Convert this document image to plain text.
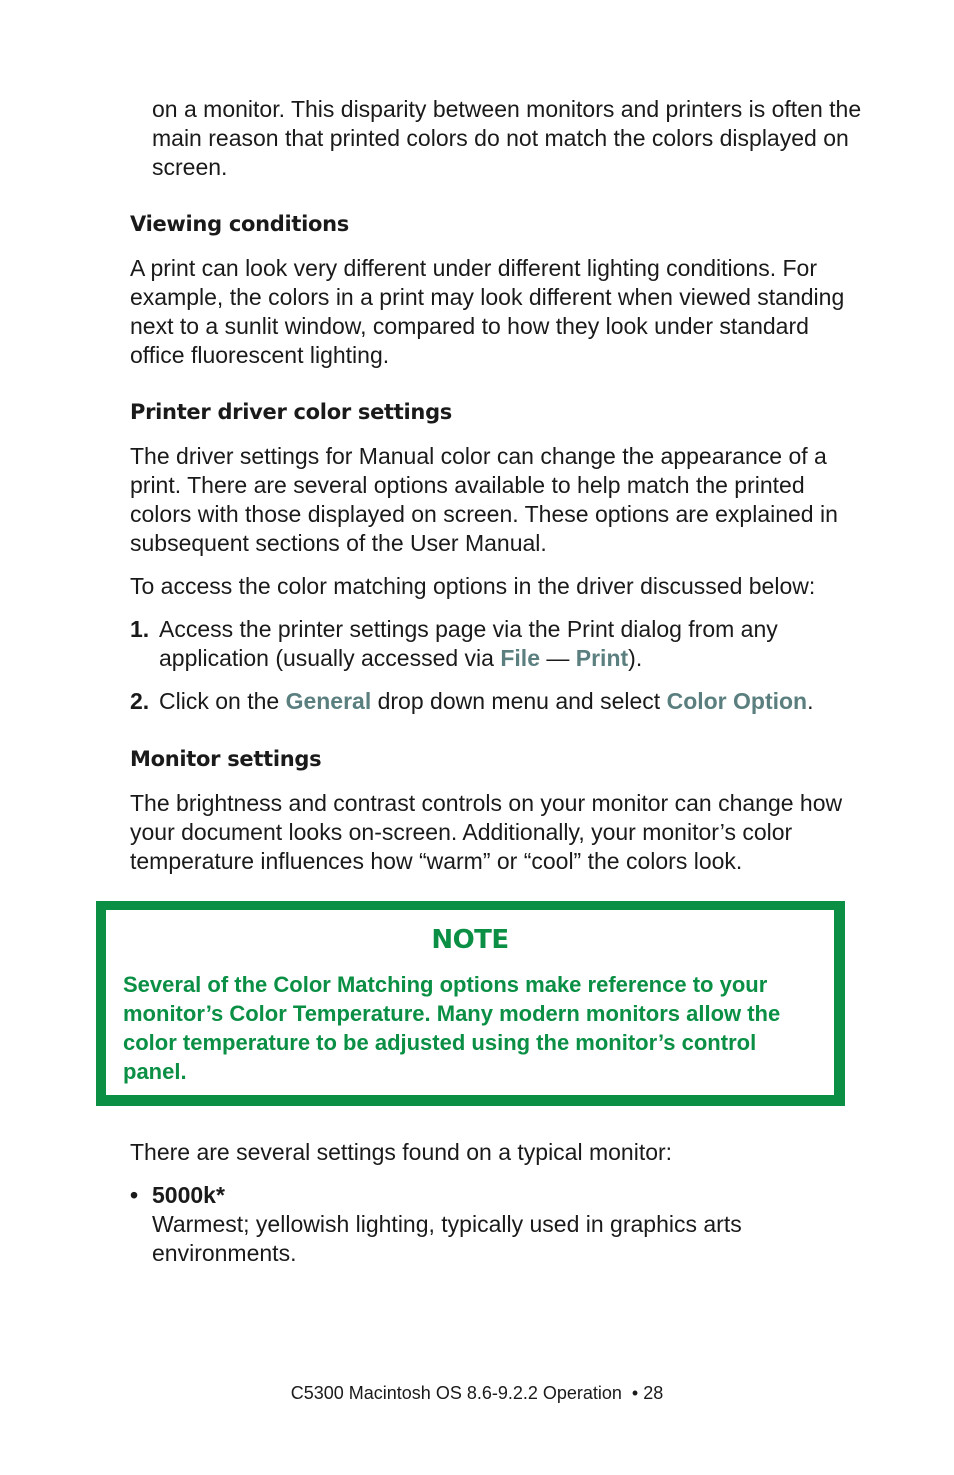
on a monitor. This disparity between monitors and printers is often the main reason that printed colors do not match the colors displayed on screen.

Viewing conditions

A print can look very different under different lighting conditions. For example, the colors in a print may look different when viewed standing next to a sunlit window, compared to how they look under standard office fluorescent lighting.

Printer driver color settings

The driver settings for Manual color can change the appearance of a print. There are several options available to help match the printed colors with those displayed on screen. These options are explained in subsequent sections of the User Manual.

To access the color matching options in the driver discussed below:

1. Access the printer settings page via the Print dialog from any application (usually accessed via File — Print).
2. Click on the General drop down menu and select Color Option.
Monitor settings

The brightness and contrast controls on your monitor can change how your document looks on-screen. Additionally, your monitor’s color temperature influences how “warm” or “cool” the colors look.

NOTE
Several of the Color Matching options make reference to your monitor’s Color Temperature. Many modern monitors allow the color temperature to be adjusted using the monitor’s control panel.

There are several settings found on a typical monitor:

• 5000k*
Warmest; yellowish lighting, typically used in graphics arts environments.
C5300 Macintosh OS 8.6-9.2.2 Operation  • 28
